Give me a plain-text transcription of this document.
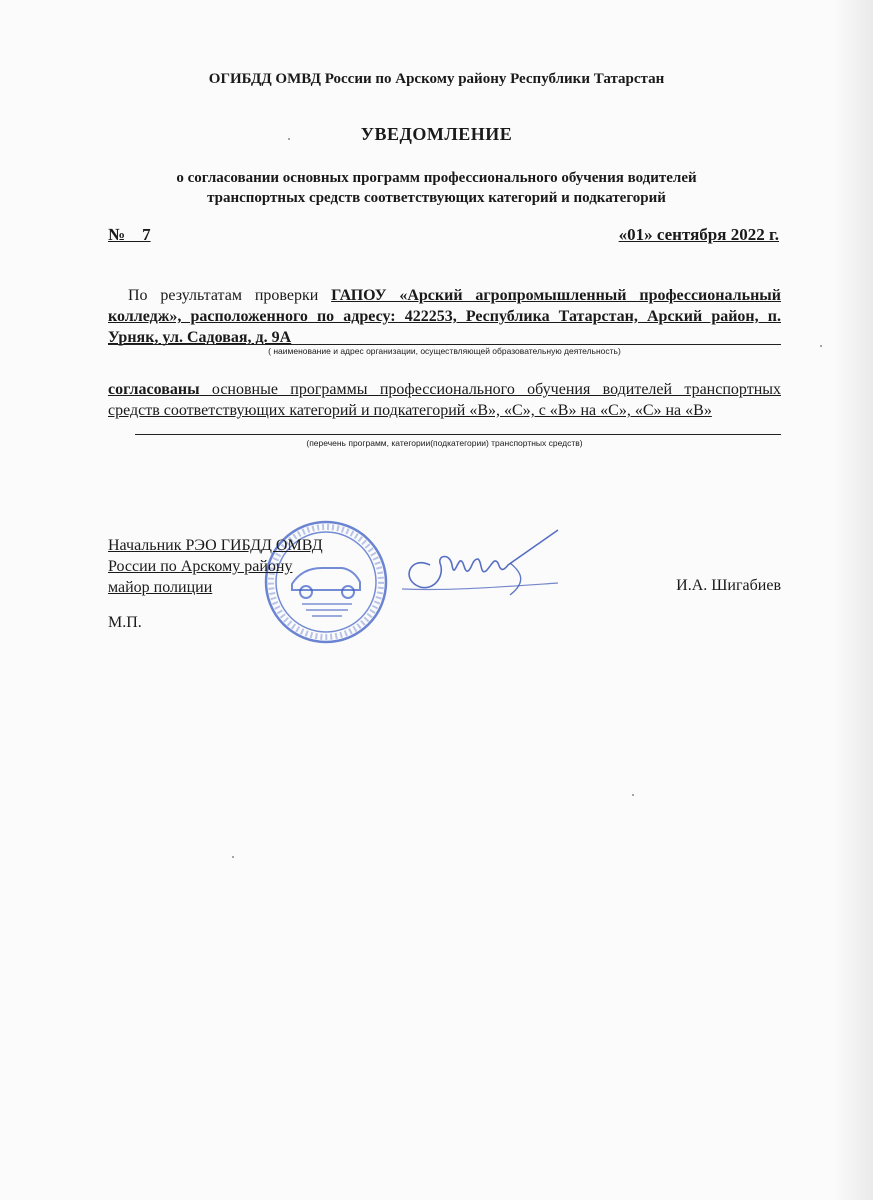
ОГИБДД ОМВД России по Арскому району Республики Татарстан
УВЕДОМЛЕНИЕ
о согласовании основных программ профессионального обучения водителей
транспортных средств соответствующих категорий и подкатегорий
№    7	«01» сентября 2022 г.
По результатам проверки ГАПОУ «Арский агропромышленный профессиональный колледж», расположенного по адресу: 422253, Республика Татарстан, Арский район, п. Урняк, ул. Садовая, д. 9А
( наименование и адрес организации, осуществляющей образовательную деятельность)
согласованы основные программы профессионального обучения водителей транспортных средств соответствующих категорий и подкатегорий «В», «С», с «В» на «С», «С» на «В»
(перечень программ, категории(подкатегории) транспортных средств)
Начальник РЭО ГИБДД ОМВД
России по Арскому району
майор полиции	И.А. Шигабиев
М.П.
